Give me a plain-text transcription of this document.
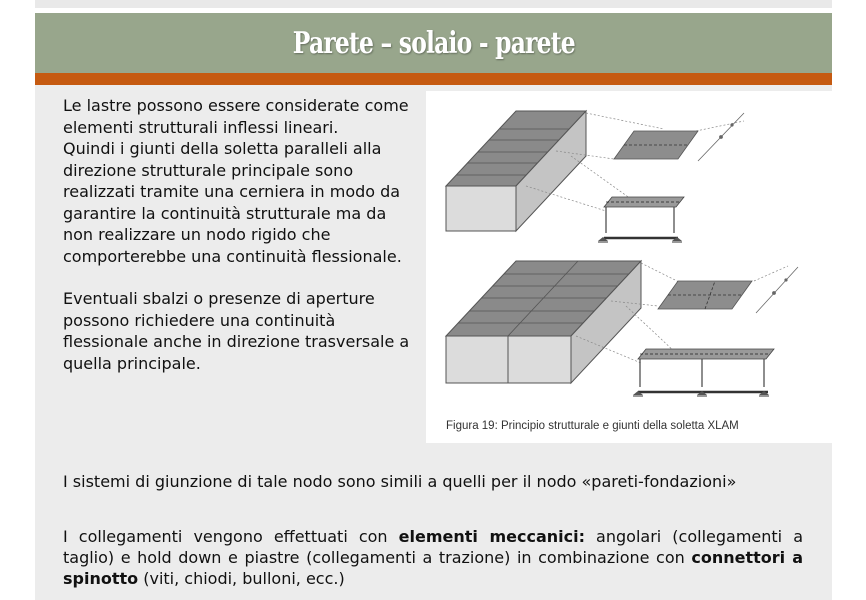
Parete – solaio - parete

Le lastre possono essere considerate come elementi strutturali inflessi lineari.

Quindi i giunti della soletta paralleli alla direzione strutturale principale sono realizzati tramite una cerniera in modo da garantire la continuità strutturale ma da non realizzare un nodo rigido che comporterebbe una continuità flessionale.

Eventuali sbalzi o presenze di aperture possono richiedere una continuità flessionale anche in direzione trasversale a quella principale.

Figura 19: Principio strutturale e giunti della soletta XLAM
I sistemi di giunzione di tale nodo sono simili a quelli per il nodo «pareti-fondazioni»
I collegamenti vengono effettuati con elementi meccanici: angolari (collegamenti a taglio) e hold down e piastre (collegamenti a trazione) in combinazione con connettori a spinotto (viti, chiodi, bulloni, ecc.)
